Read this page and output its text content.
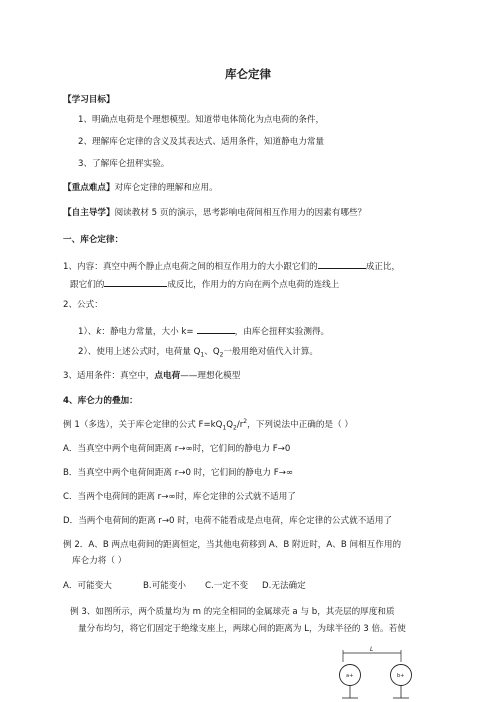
库仑定律
【学习目标】
1、明确点电荷是个理想模型。知道带电体简化为点电荷的条件，
2、理解库仑定律的含义及其表达式、适用条件，知道静电力常量
3、了解库仑扭秤实验。
【重点难点】对库仑定律的理解和应用。
【自主导学】阅读教材 5 页的演示，思考影响电荷间相互作用力的因素有哪些？
一、库仑定律：
1、内容：真空中两个静止点电荷之间的相互作用力的大小跟它们的	成正比，
跟它们的	成反比，作用力的方向在两个点电荷的连线上
2、公式：
1）、k：静电力常量，大小 k=	，由库仑扭秤实验测得。
2）、使用上述公式时，电荷量 $Q_1$、$Q_2$一般用绝对值代入计算。
3、适用条件：真空中，点电荷——理想化模型
4、库仑力的叠加：
例 1（多选），关于库仑定律的公式 $F=kQ_1Q_2/r^2$，下列说法中正确的是（ ）
A．当真空中两个电荷间距离 r→∞时，它们间的静电力 F→0
B．当真空中两个电荷间距离 r→0 时，它们间的静电力 F→∞
C．当两个电荷间的距离 r→∞时，库仑定律的公式就不适用了
D．当两个电荷间的距离 r→0 时，电荷不能看成是点电荷，库仑定律的公式就不适用了
例 2．A、B 两点电荷间的距离恒定，当其他电荷移到 A、B 附近时，A、B 间相互作用的
库仑力将（ ）
A．可能变大	B.可能变小 C.一定不变 D.无法确定
例 3、如图所示，两个质量均为 m 的完全相同的金属球壳 a 与 b，其壳层的厚度和质
量分布均匀，将它们固定于绝缘支座上，两球心间的距离为 L，为球半径的 3 倍。若使
L
a+	b+
